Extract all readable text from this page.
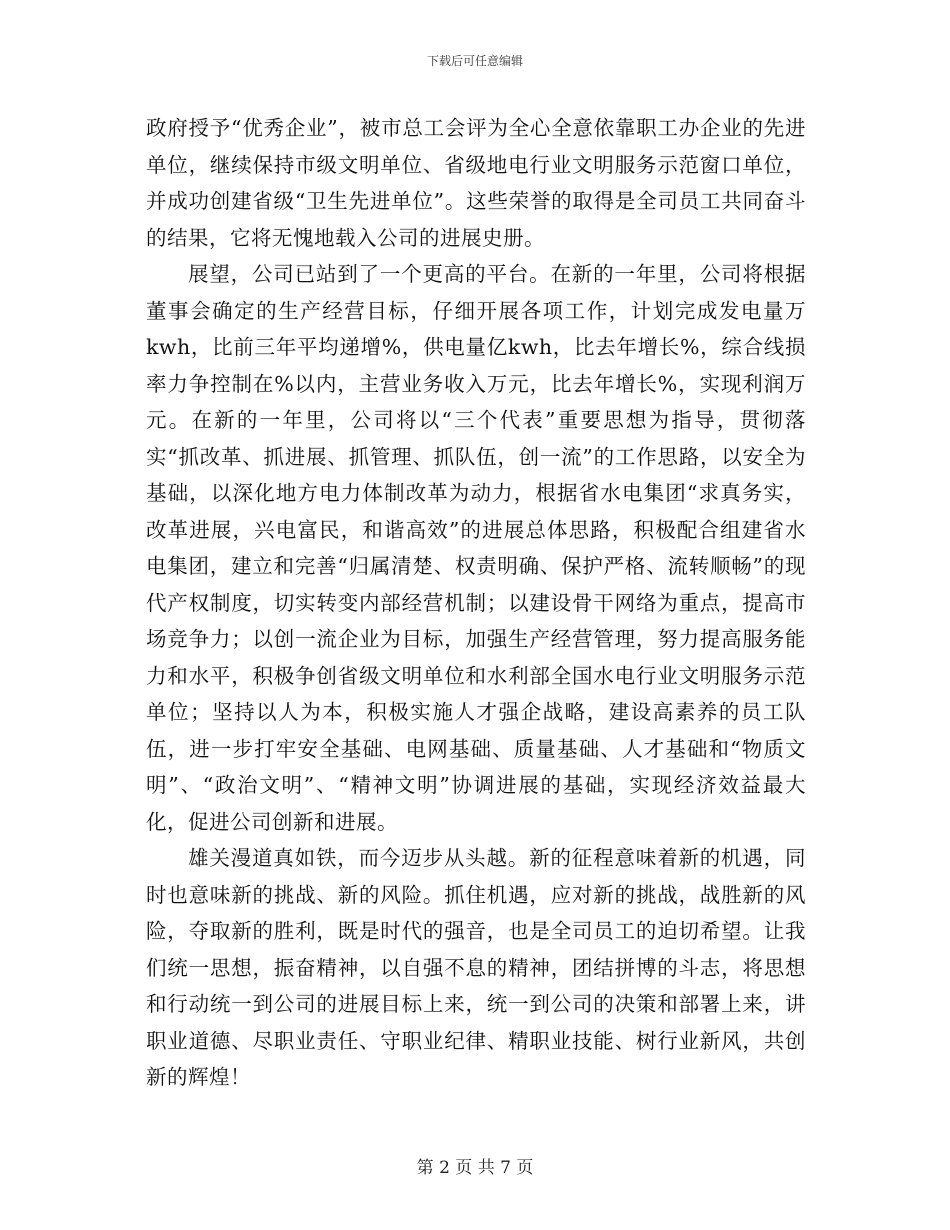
下载后可任意编辑

政府授予“优秀企业”，被市总工会评为全心全意依靠职工办企业的先进单位，继续保持市级文明单位、省级地电行业文明服务示范窗口单位，并成功创建省级“卫生先进单位”。这些荣誉的取得是全司员工共同奋斗的结果，它将无愧地载入公司的进展史册。

展望，公司已站到了一个更高的平台。在新的一年里，公司将根据董事会确定的生产经营目标，仔细开展各项工作，计划完成发电量万kwh，比前三年平均递增%，供电量亿kwh，比去年增长%，综合线损率力争控制在%以内，主营业务收入万元，比去年增长%，实现利润万元。在新的一年里，公司将以“三个代表”重要思想为指导，贯彻落实“抓改革、抓进展、抓管理、抓队伍，创一流”的工作思路，以安全为基础，以深化地方电力体制改革为动力，根据省水电集团“求真务实，改革进展，兴电富民，和谐高效”的进展总体思路，积极配合组建省水电集团，建立和完善“归属清楚、权责明确、保护严格、流转顺畅”的现代产权制度，切实转变内部经营机制；以建设骨干网络为重点，提高市场竞争力；以创一流企业为目标，加强生产经营管理，努力提高服务能力和水平，积极争创省级文明单位和水利部全国水电行业文明服务示范单位；坚持以人为本，积极实施人才强企战略，建设高素养的员工队伍，进一步打牢安全基础、电网基础、质量基础、人才基础和“物质文明”、“政治文明”、“精神文明”协调进展的基础，实现经济效益最大化，促进公司创新和进展。

雄关漫道真如铁，而今迈步从头越。新的征程意味着新的机遇，同时也意味新的挑战、新的风险。抓住机遇，应对新的挑战，战胜新的风险，夺取新的胜利，既是时代的强音，也是全司员工的迫切希望。让我们统一思想，振奋精神，以自强不息的精神，团结拼博的斗志，将思想和行动统一到公司的进展目标上来，统一到公司的决策和部署上来，讲职业道德、尽职业责任、守职业纪律、精职业技能、树行业新风，共创新的辉煌！

第 2 页 共 7 页
